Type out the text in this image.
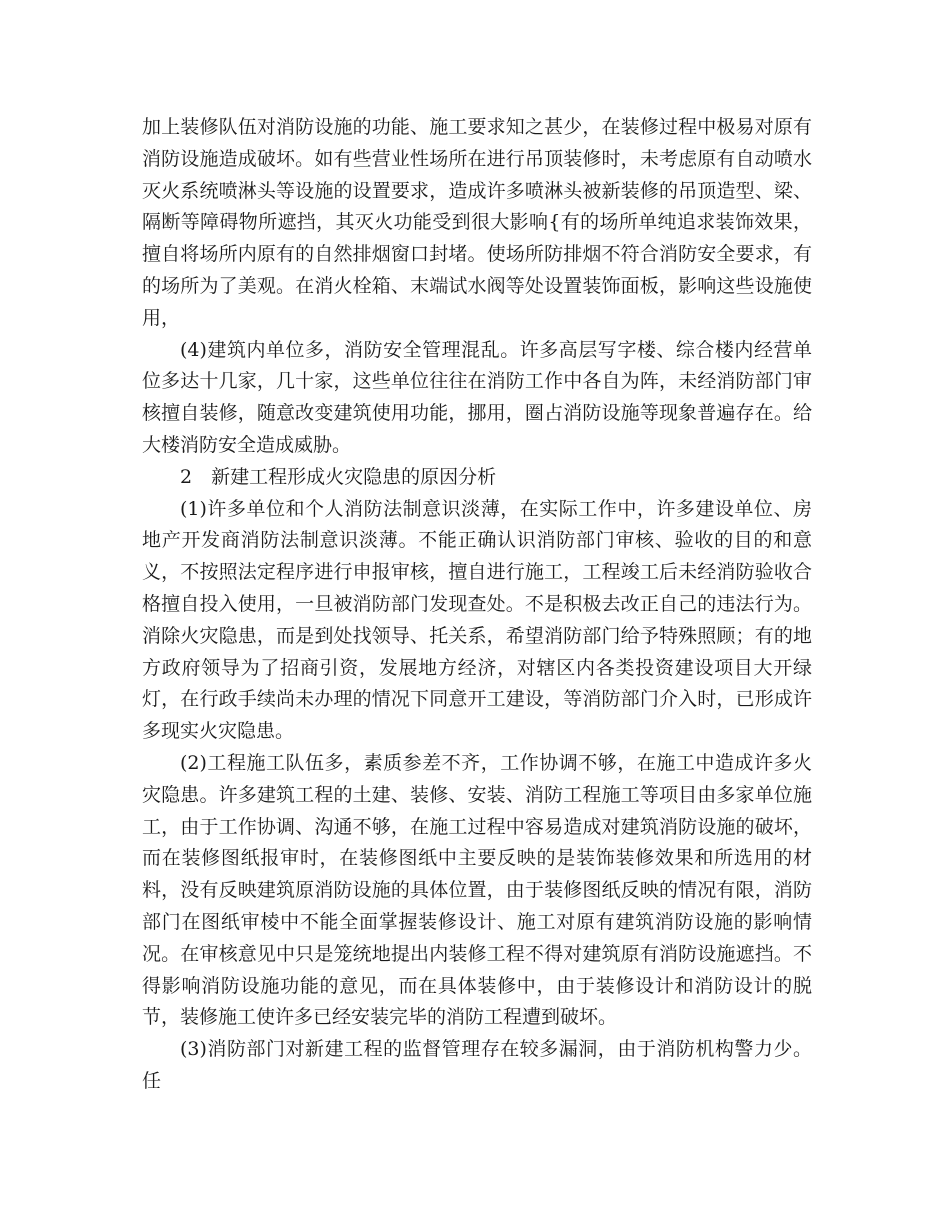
加上装修队伍对消防设施的功能、施工要求知之甚少，在装修过程中极易对原有消防设施造成破坏。如有些营业性场所在进行吊顶装修时，未考虑原有自动喷水灭火系统喷淋头等设施的设置要求，造成许多喷淋头被新装修的吊顶造型、梁、隔断等障碍物所遮挡，其灭火功能受到很大影响{有的场所单纯追求装饰效果，擅自将场所内原有的自然排烟窗口封堵。使场所防排烟不符合消防安全要求，有的场所为了美观。在消火栓箱、末端试水阀等处设置装饰面板，影响这些设施使用，

(4)建筑内单位多，消防安全管理混乱。许多高层写字楼、综合楼内经营单位多达十几家，几十家，这些单位往往在消防工作中各自为阵，未经消防部门审核擅自装修，随意改变建筑使用功能，挪用，圈占消防设施等现象普遍存在。给大楼消防安全造成威胁。

2　新建工程形成火灾隐患的原因分析

(1)许多单位和个人消防法制意识淡薄，在实际工作中，许多建设单位、房地产开发商消防法制意识淡薄。不能正确认识消防部门审核、验收的目的和意义，不按照法定程序进行申报审核，擅自进行施工，工程竣工后未经消防验收合格擅自投入使用，一旦被消防部门发现查处。不是积极去改正自己的违法行为。消除火灾隐患，而是到处找领导、托关系，希望消防部门给予特殊照顾；有的地方政府领导为了招商引资，发展地方经济，对辖区内各类投资建设项目大开绿灯，在行政手续尚未办理的情况下同意开工建设，等消防部门介入时，已形成许多现实火灾隐患。

(2)工程施工队伍多，素质参差不齐，工作协调不够，在施工中造成许多火灾隐患。许多建筑工程的土建、装修、安装、消防工程施工等项目由多家单位施工，由于工作协调、沟通不够，在施工过程中容易造成对建筑消防设施的破坏，而在装修图纸报审时，在装修图纸中主要反映的是装饰装修效果和所选用的材料，没有反映建筑原消防设施的具体位置，由于装修图纸反映的情况有限，消防部门在图纸审棱中不能全面掌握装修设计、施工对原有建筑消防设施的影响情况。在审核意见中只是笼统地提出内装修工程不得对建筑原有消防设施遮挡。不得影响消防设施功能的意见，而在具体装修中，由于装修设计和消防设计的脱节，装修施工使许多已经安装完毕的消防工程遭到破坏。

(3)消防部门对新建工程的监督管理存在较多漏洞，由于消防机构警力少。任
